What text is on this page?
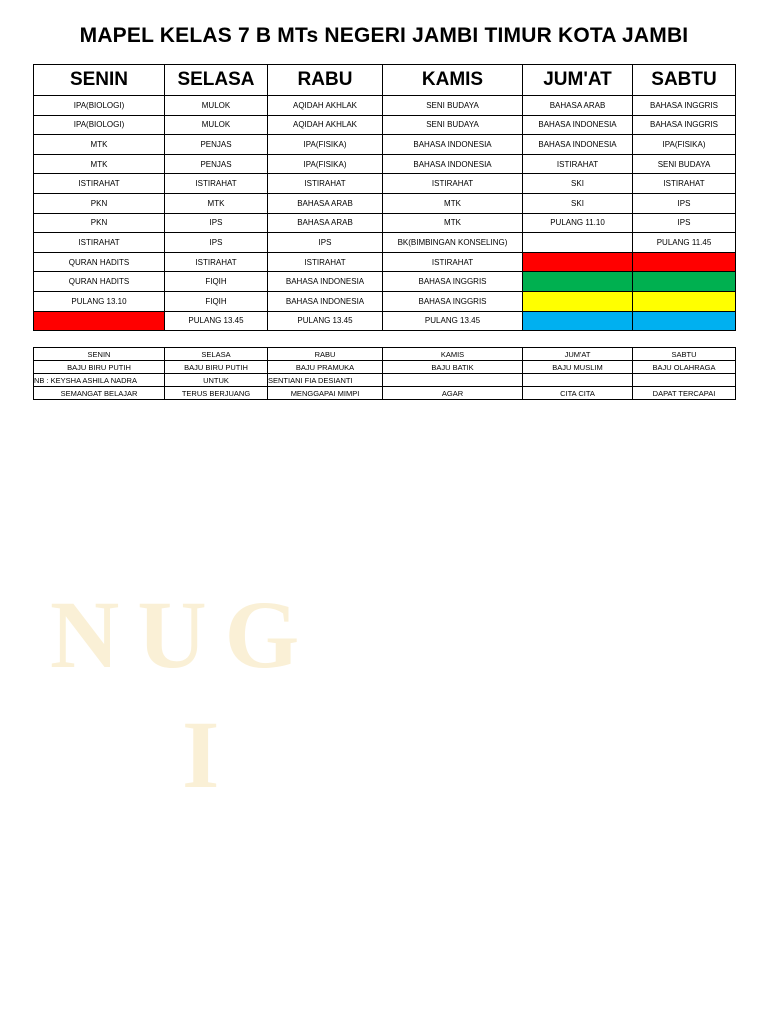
MAPEL KELAS 7 B MTs NEGERI JAMBI TIMUR KOTA JAMBI
SENIN	SELASA	RABU	KAMIS	JUM'AT	SABTU
IPA(BIOLOGI)	MULOK	AQIDAH AKHLAK	SENI BUDAYA	BAHASA ARAB	BAHASA INGGRIS
IPA(BIOLOGI)	MULOK	AQIDAH AKHLAK	SENI BUDAYA	BAHASA INDONESIA	BAHASA INGGRIS
MTK	PENJAS	IPA(FISIKA)	BAHASA INDONESIA	BAHASA INDONESIA	IPA(FISIKA)
MTK	PENJAS	IPA(FISIKA)	BAHASA INDONESIA	ISTIRAHAT	SENI BUDAYA
ISTIRAHAT	ISTIRAHAT	ISTIRAHAT	ISTIRAHAT	SKI	ISTIRAHAT
PKN	MTK	BAHASA ARAB	MTK	SKI	IPS
PKN	IPS	BAHASA ARAB	MTK	PULANG 11.10	IPS
ISTIRAHAT	IPS	IPS	BK(BIMBINGAN KONSELING)		PULANG 11.45
QURAN HADITS	ISTIRAHAT	ISTIRAHAT	ISTIRAHAT		
QURAN HADITS	FIQIH	BAHASA INDONESIA	BAHASA INGGRIS		
PULANG 13.10	FIQIH	BAHASA INDONESIA	BAHASA INGGRIS		
	PULANG 13.45	PULANG 13.45	PULANG 13.45		
SENIN	SELASA	RABU	KAMIS	JUM'AT	SABTU
BAJU BIRU PUTIH	BAJU BIRU PUTIH	BAJU PRAMUKA	BAJU BATIK	BAJU MUSLIM	BAJU OLAHRAGA
NB : KEYSHA ASHILA NADRA	UNTUK	SENTIANI FIA DESIANTI			
SEMANGAT BELAJAR	TERUS BERJUANG	MENGGAPAI MIMPI	AGAR	CITA CITA	DAPAT TERCAPAI
NUG
I
